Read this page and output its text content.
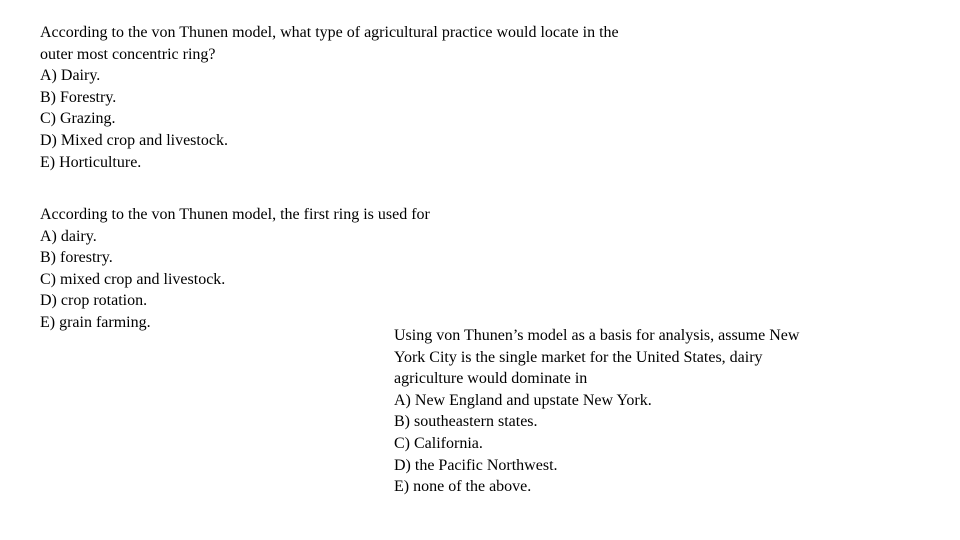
According to the von Thunen model, what type of agricultural practice would locate in the
outer most concentric ring?
A) Dairy.
B) Forestry.
C) Grazing.
D) Mixed crop and livestock.
E) Horticulture.
According to the von Thunen model, the first ring is used for
A) dairy.
B) forestry.
C) mixed crop and livestock.
D) crop rotation.
E) grain farming.
Using von Thunen’s model as a basis for analysis, assume New
York City is the single market for the United States, dairy
agriculture would dominate in
A) New England and upstate New York.
B) southeastern states.
C) California.
D) the Pacific Northwest.
E) none of the above.
